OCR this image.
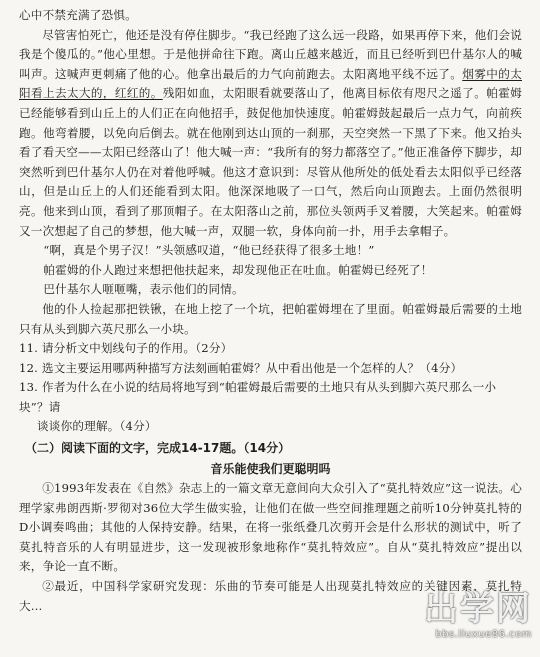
心中不禁充满了恐惧。

尽管害怕死亡，他还是没有停住脚步。“我已经跑了这么远一段路，如果再停下来，他们会说我是个傻瓜的。”他心里想。于是他拼命往下跑。离山丘越来越近，而且已经听到巴什基尔人的喊叫声。这喊声更刺痛了他的心。他拿出最后的力气向前跑去。太阳离地平线不远了。烟雾中的太阳看上去太大的，红红的。残阳如血，太阳眼看就要落山了，他离目标依有咫尺之遥了。帕霍姆已经能够看到山丘上的人们正在向他招手，鼓促他加快速度。帕霍姆鼓起最后一点力气，向前疾跑。他弯着腰，以免向后倒去。就在他刚到达山顶的一刹那，天空突然一下黑了下来。他又抬头看了看天空——太阳已经落山了！他大喊一声：“我所有的努力都落空了。”他正准备停下脚步，却突然听到巴什基尔人仍在对着他呼喊。他这才意识到：尽管从他所处的低处看去太阳似乎已经落山，但是山丘上的人们还能看到太阳。他深深地吸了一口气，然后向山顶跑去。上面仍然很明亮。他来到山顶，看到了那顶帽子。在太阳落山之前，那位头领两手叉着腰，大笑起来。帕霍姆又一次想起了自己的梦想，他大喊一声，双腿一软，身体向前一扑，用手去拿帽子。

“啊，真是个男子汉！”头领感叹道，“他已经获得了很多土地！”

帕霍姆的仆人跑过来想把他扶起来，却发现他正在吐血。帕霍姆已经死了！

巴什基尔人咂咂嘴，表示他们的同情。

他的仆人捡起那把铁锹，在地上挖了一个坑，把帕霍姆埋在了里面。帕霍姆最后需要的土地只有从头到脚六英尺那么一小块。

11. 请分析文中划线句子的作用。（2分）

12. 选文主要运用哪两种描写方法刻画帕霍姆？从中看出他是一个怎样的人？（4分）

13. 作者为什么在小说的结局将地写到“帕霍姆最后需要的土地只有从头到脚六英尺那么一小块”？请
谈谈你的理解。（4分）

（二）阅读下面的文字，完成14-17题。（14分）
音乐能使我们更聪明吗

①1993年发表在《自然》杂志上的一篇文章无意间向大众引入了“莫扎特效应”这一说法。心理学家弗朗西斯·罗彻对36位大学生做实验，让他们在做一些空间推理题之前听10分钟莫扎特的D小调奏鸣曲；其他的人保持安静。结果，在将一张纸叠几次剪开会是什么形状的测试中，听了莫扎特音乐的人有明显进步，这一发现被形象地称作“莫扎特效应”。自从“莫扎特效应”提出以来，争论一直不断。

②最近，中国科学家研究发现：乐曲的节奏可能是人出现莫扎特效应的关键因素，莫扎特大…	出学网
bbs.liuxue86.com
